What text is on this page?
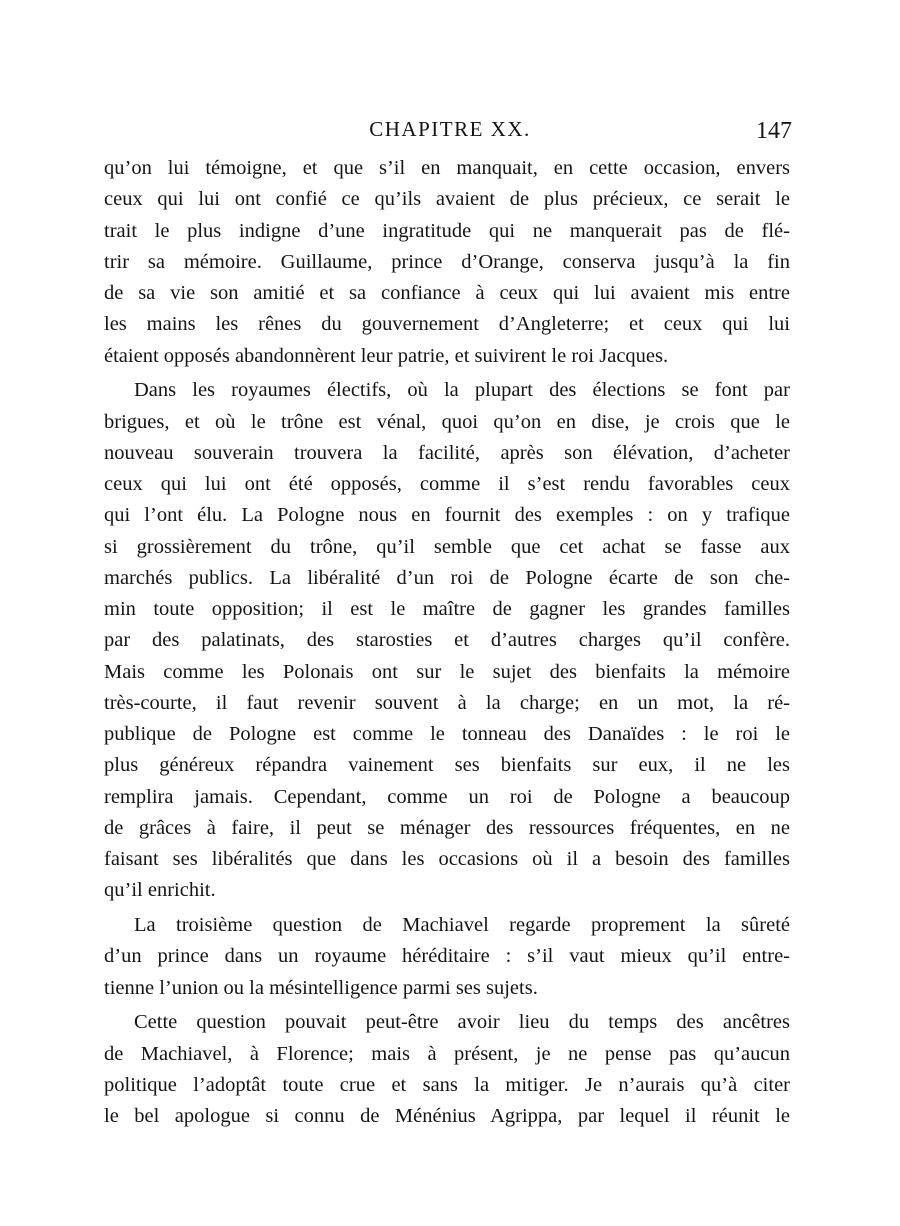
CHAPITRE XX.	147
qu’on lui témoigne, et que s’il en manquait, en cette occasion, envers
ceux qui lui ont confié ce qu’ils avaient de plus précieux, ce serait le
trait le plus indigne d’une ingratitude qui ne manquerait pas de flé-
trir sa mémoire. Guillaume, prince d’Orange, conserva jusqu’à la fin
de sa vie son amitié et sa confiance à ceux qui lui avaient mis entre
les mains les rênes du gouvernement d’Angleterre; et ceux qui lui
étaient opposés abandonnèrent leur patrie, et suivirent le roi Jacques.
Dans les royaumes électifs, où la plupart des élections se font par
brigues, et où le trône est vénal, quoi qu’on en dise, je crois que le
nouveau souverain trouvera la facilité, après son élévation, d’acheter
ceux qui lui ont été opposés, comme il s’est rendu favorables ceux
qui l’ont élu. La Pologne nous en fournit des exemples : on y trafique
si grossièrement du trône, qu’il semble que cet achat se fasse aux
marchés publics. La libéralité d’un roi de Pologne écarte de son che-
min toute opposition; il est le maître de gagner les grandes familles
par des palatinats, des starosties et d’autres charges qu’il confère.
Mais comme les Polonais ont sur le sujet des bienfaits la mémoire
très-courte, il faut revenir souvent à la charge; en un mot, la ré-
publique de Pologne est comme le tonneau des Danaïdes : le roi le
plus généreux répandra vainement ses bienfaits sur eux, il ne les
remplira jamais. Cependant, comme un roi de Pologne a beaucoup
de grâces à faire, il peut se ménager des ressources fréquentes, en ne
faisant ses libéralités que dans les occasions où il a besoin des familles
qu’il enrichit.
La troisième question de Machiavel regarde proprement la sûreté
d’un prince dans un royaume héréditaire : s’il vaut mieux qu’il entre-
tienne l’union ou la mésintelligence parmi ses sujets.
Cette question pouvait peut-être avoir lieu du temps des ancêtres
de Machiavel, à Florence; mais à présent, je ne pense pas qu’aucun
politique l’adoptât toute crue et sans la mitiger. Je n’aurais qu’à citer
le bel apologue si connu de Ménénius Agrippa, par lequel il réunit le
